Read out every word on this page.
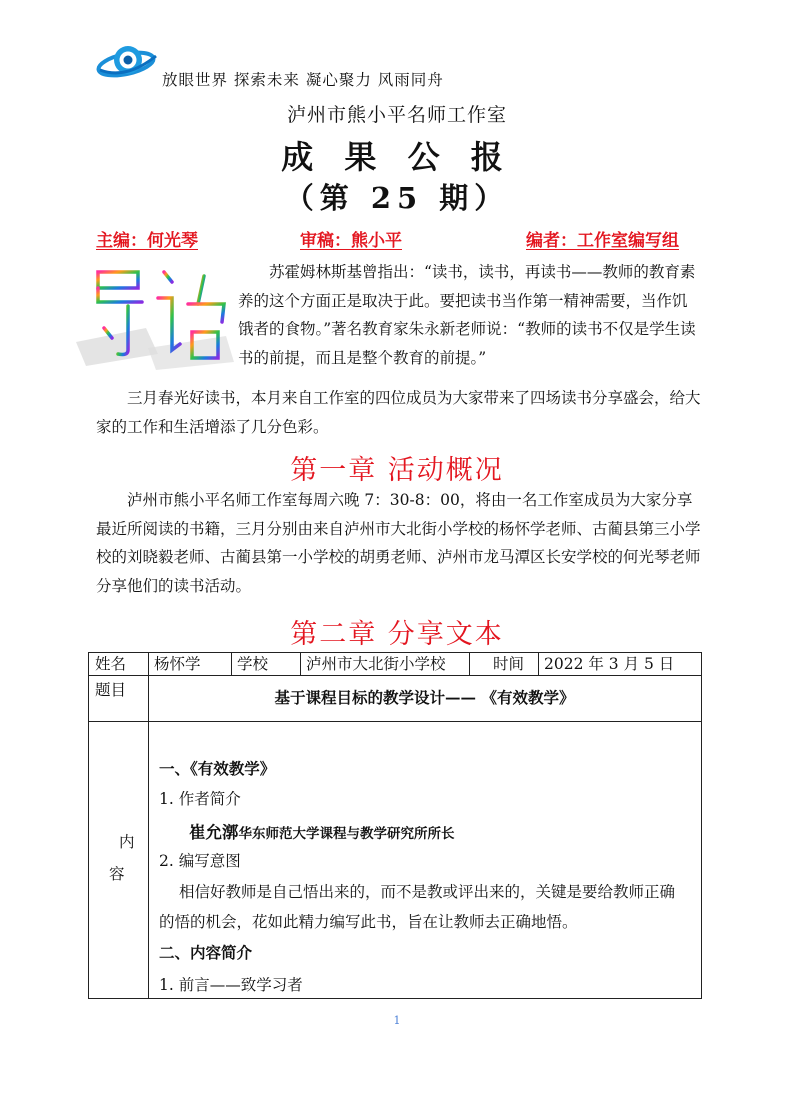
放眼世界 探索未来 凝心聚力 风雨同舟
泸州市熊小平名师工作室
成 果 公 报
（第 25 期）
主编：何光琴	审稿：熊小平	编者：工作室编写组
苏霍姆林斯基曾指出：“读书，读书，再读书——教师的教育素养的这个方面正是取决于此。要把读书当作第一精神需要，当作饥饿者的食物。”著名教育家朱永新老师说：“教师的读书不仅是学生读书的前提，而且是整个教育的前提。”
三月春光好读书，本月来自工作室的四位成员为大家带来了四场读书分享盛会，给大家的工作和生活增添了几分色彩。
第一章 活动概况
泸州市熊小平名师工作室每周六晚 7：30-8：00，将由一名工作室成员为大家分享最近所阅读的书籍，三月分别由来自泸州市大北街小学校的杨怀学老师、古蔺县第三小学校的刘晓毅老师、古蔺县第一小学校的胡勇老师、泸州市龙马潭区长安学校的何光琴老师分享他们的读书活动。
第二章 分享文本
姓名	杨怀学	学校	泸州市大北街小学校	时间	2022 年 3 月 5 日
题目	基于课程目标的教学设计—— 《有效教学》
内
容
一、《有效教学》
1. 作者简介
崔允漷华东师范大学课程与教学研究所所长
2. 编写意图
相信好教师是自己悟出来的，而不是教或评出来的，关键是要给教师正确
的悟的机会，花如此精力编写此书，旨在让教师去正确地悟。
二、内容简介
1. 前言——致学习者
1
